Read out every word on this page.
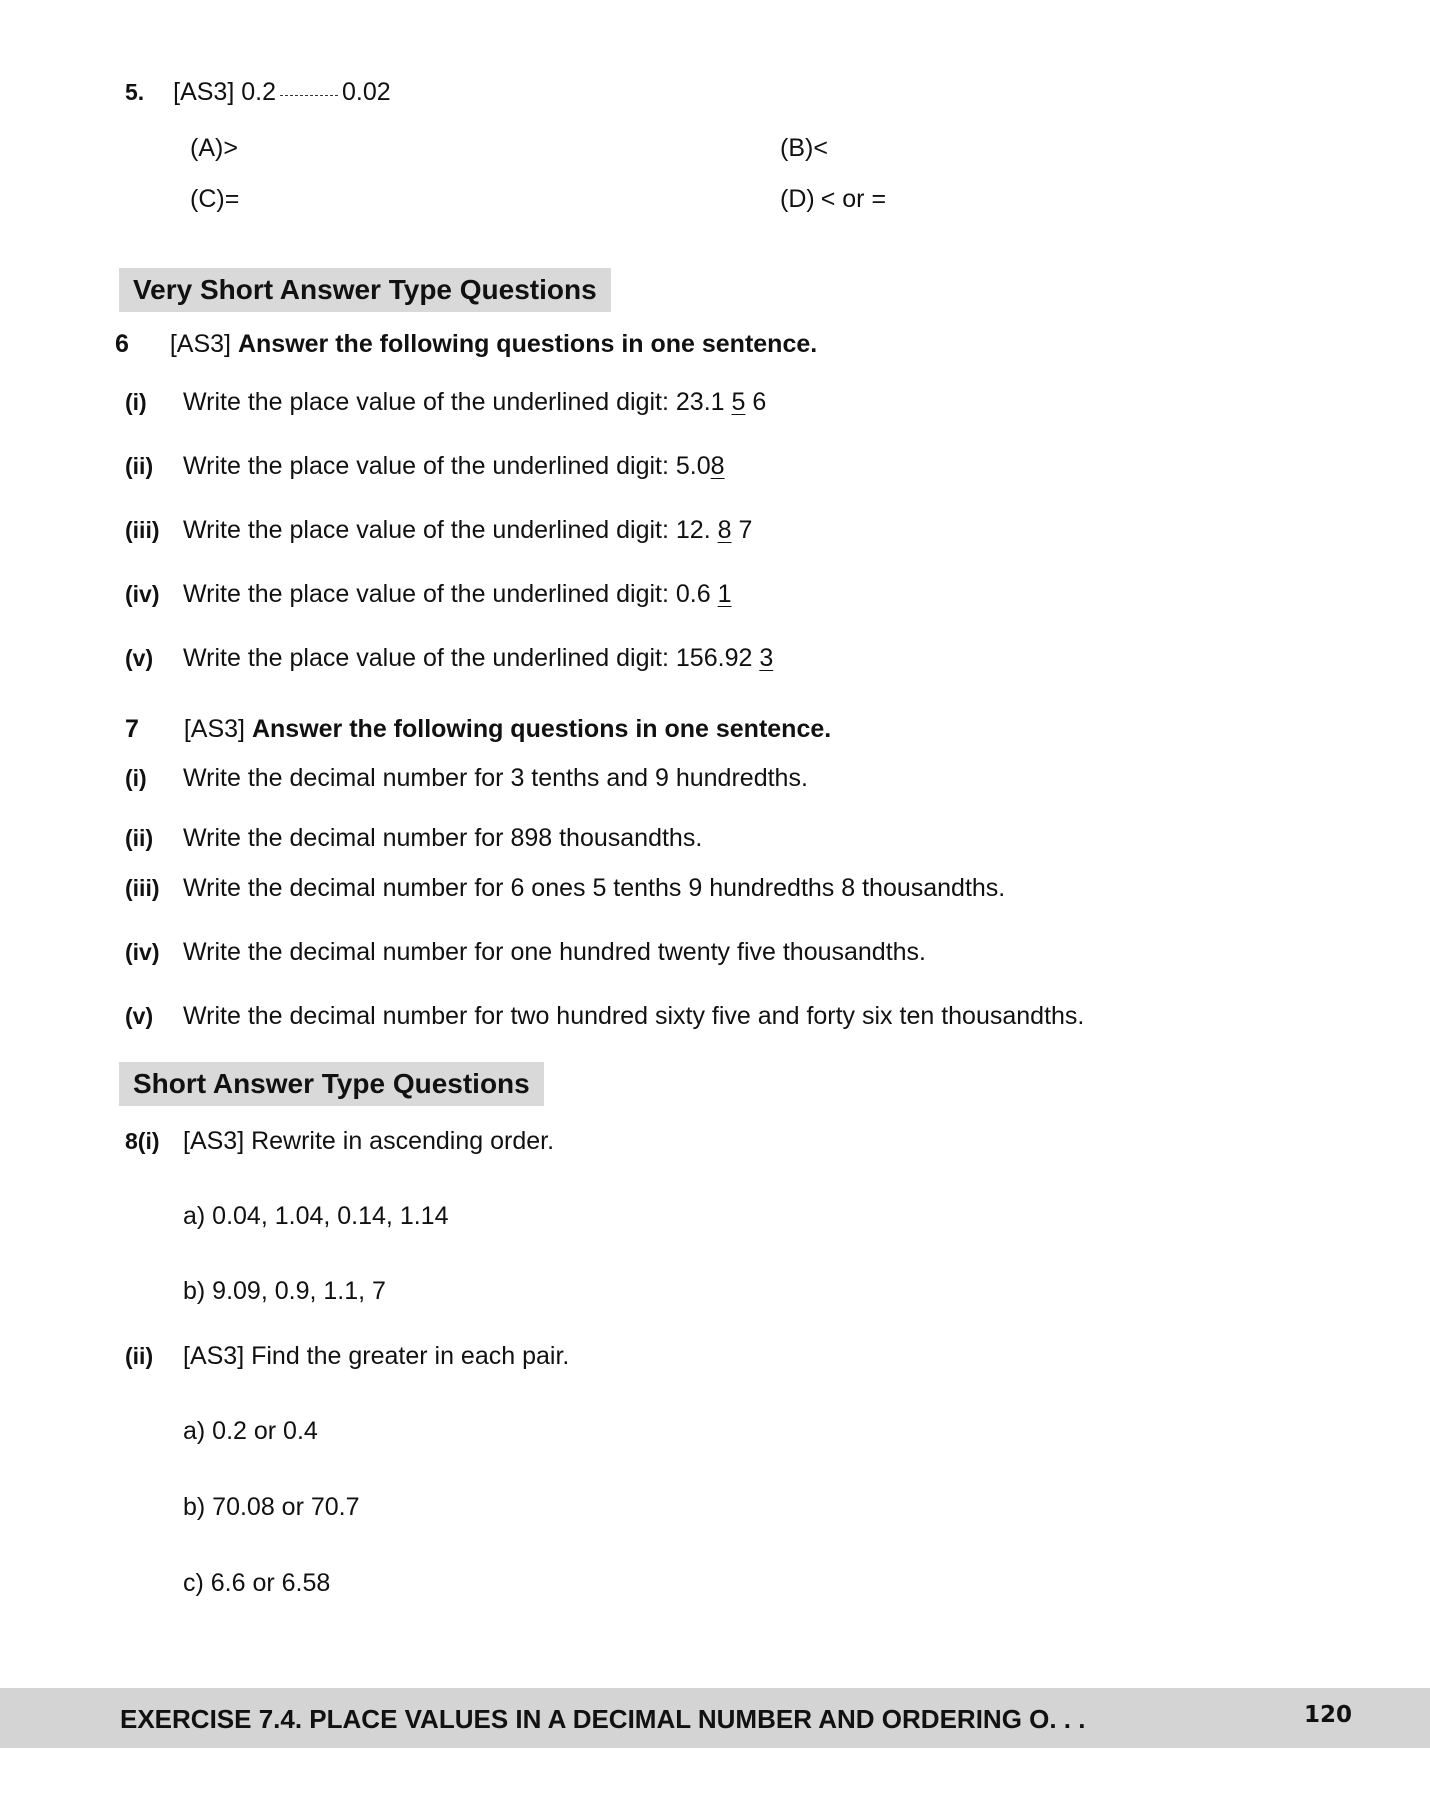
5. [AS3] 0.2	0.02
(A)>	(B)<
(C)=	(D) < or =
Very Short Answer Type Questions
6 [AS3] Answer the following questions in one sentence.
(i) Write the place value of the underlined digit: 23.1 5 6
(ii) Write the place value of the underlined digit: 5.08
(iii) Write the place value of the underlined digit: 12. 8 7
(iv) Write the place value of the underlined digit: 0.6 1
(v) Write the place value of the underlined digit: 156.92 3
7 [AS3] Answer the following questions in one sentence.
(i) Write the decimal number for 3 tenths and 9 hundredths.
(ii) Write the decimal number for 898 thousandths.
(iii) Write the decimal number for 6 ones 5 tenths 9 hundredths 8 thousandths.
(iv) Write the decimal number for one hundred twenty five thousandths.
(v) Write the decimal number for two hundred sixty five and forty six ten thousandths.
Short Answer Type Questions
8(i) [AS3] Rewrite in ascending order.
a) 0.04, 1.04, 0.14, 1.14
b) 9.09, 0.9, 1.1, 7
(ii) [AS3] Find the greater in each pair.
a) 0.2 or 0.4
b) 70.08 or 70.7
c) 6.6 or 6.58
EXERCISE 7.4. PLACE VALUES IN A DECIMAL NUMBER AND ORDERING O. . .	120
